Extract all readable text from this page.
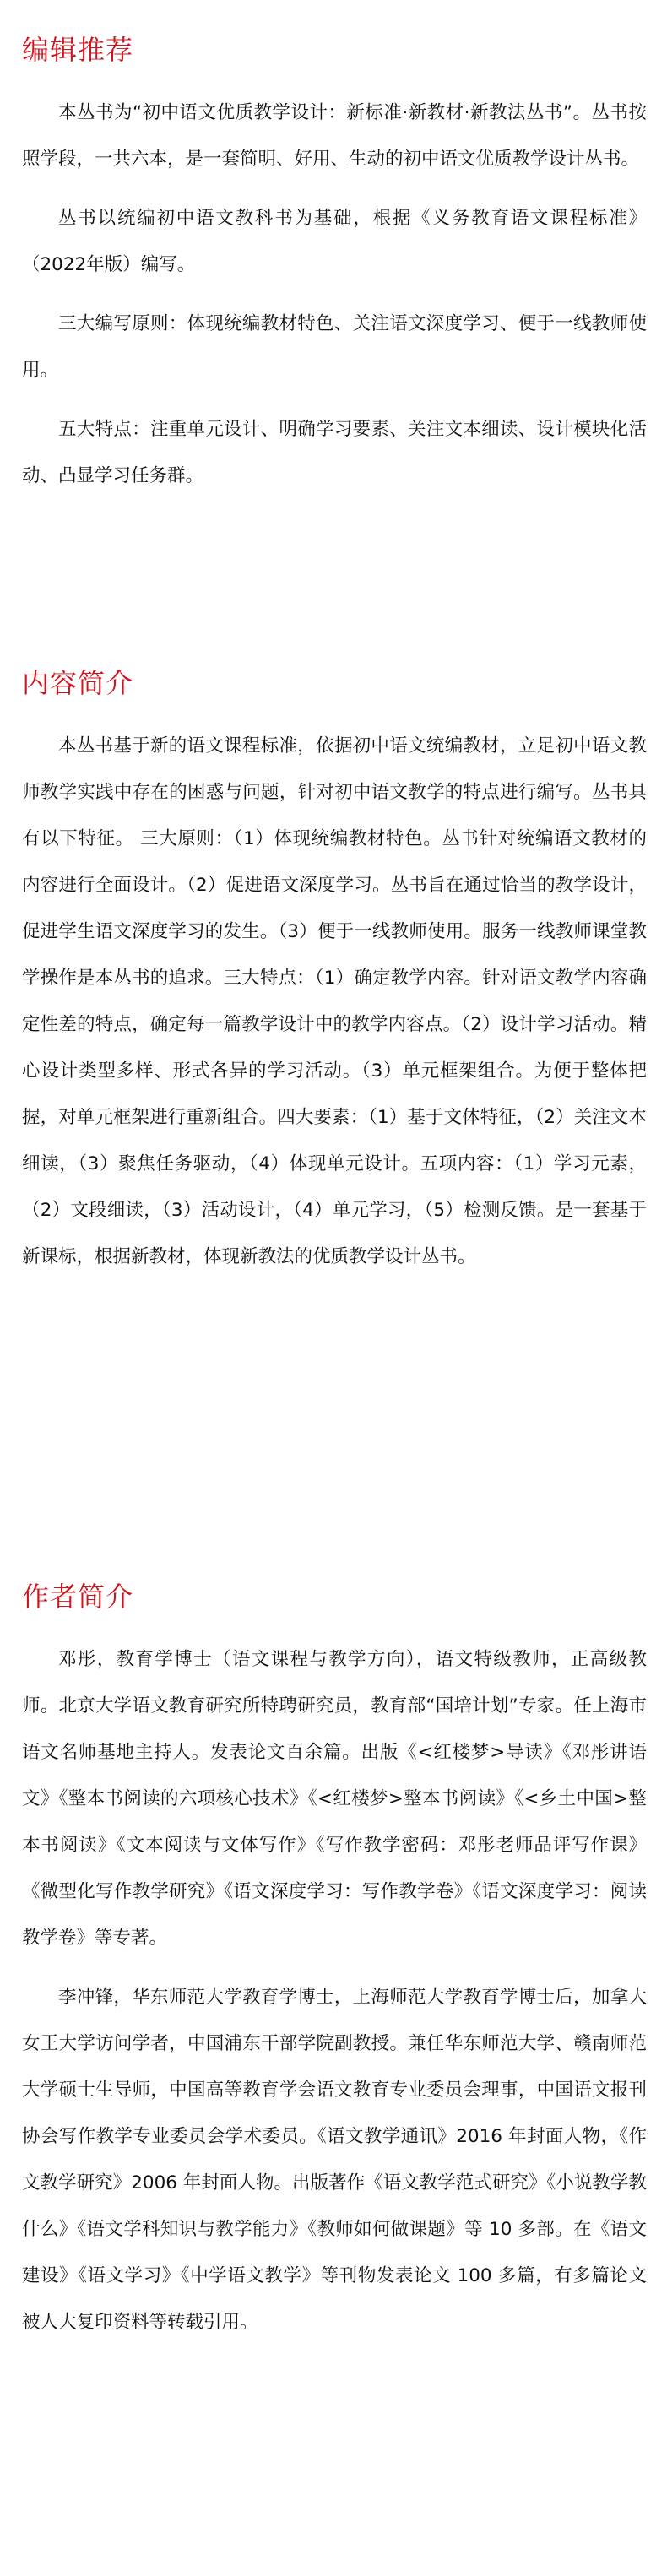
编辑推荐

本丛书为“初中语文优质教学设计：新标准·新教材·新教法丛书”。丛书按照学段，一共六本，是一套简明、好用、生动的初中语文优质教学设计丛书。

丛书以统编初中语文教科书为基础，根据《义务教育语文课程标准》（2022年版）编写。

三大编写原则：体现统编教材特色、关注语文深度学习、便于一线教师使用。

五大特点：注重单元设计、明确学习要素、关注文本细读、设计模块化活动、凸显学习任务群。

内容简介

本丛书基于新的语文课程标准，依据初中语文统编教材，立足初中语文教师教学实践中存在的困惑与问题，针对初中语文教学的特点进行编写。丛书具有以下特征。 三大原则：（1）体现统编教材特色。丛书针对统编语文教材的内容进行全面设计。（2）促进语文深度学习。丛书旨在通过恰当的教学设计，促进学生语文深度学习的发生。（3）便于一线教师使用。服务一线教师课堂教学操作是本丛书的追求。三大特点：（1）确定教学内容。针对语文教学内容确定性差的特点，确定每一篇教学设计中的教学内容点。（2）设计学习活动。精心设计类型多样、形式各异的学习活动。（3）单元框架组合。为便于整体把握，对单元框架进行重新组合。四大要素：（1）基于文体特征，（2）关注文本细读，（3）聚焦任务驱动，（4）体现单元设计。五项内容：（1）学习元素，（2）文段细读，（3）活动设计，（4）单元学习，（5）检测反馈。是一套基于新课标，根据新教材，体现新教法的优质教学设计丛书。

作者简介

邓彤，教育学博士（语文课程与教学方向），语文特级教师，正高级教师。北京大学语文教育研究所特聘研究员，教育部“国培计划”专家。任上海市语文名师基地主持人。发表论文百余篇。出版《<红楼梦>导读》《邓彤讲语文》《整本书阅读的六项核心技术》《<红楼梦>整本书阅读》《<乡土中国>整本书阅读》《文本阅读与文体写作》《写作教学密码：邓彤老师品评写作课》《微型化写作教学研究》《语文深度学习：写作教学卷》《语文深度学习：阅读教学卷》等专著。

李冲锋，华东师范大学教育学博士，上海师范大学教育学博士后，加拿大女王大学访问学者，中国浦东干部学院副教授。兼任华东师范大学、赣南师范大学硕士生导师，中国高等教育学会语文教育专业委员会理事，中国语文报刊协会写作教学专业委员会学术委员。《语文教学通讯》2016 年封面人物，《作文教学研究》2006 年封面人物。出版著作《语文教学范式研究》《小说教学教什么》《语文学科知识与教学能力》《教师如何做课题》等 10 多部。在《语文建设》《语文学习》《中学语文教学》等刊物发表论文 100 多篇，有多篇论文被人大复印资料等转载引用。
